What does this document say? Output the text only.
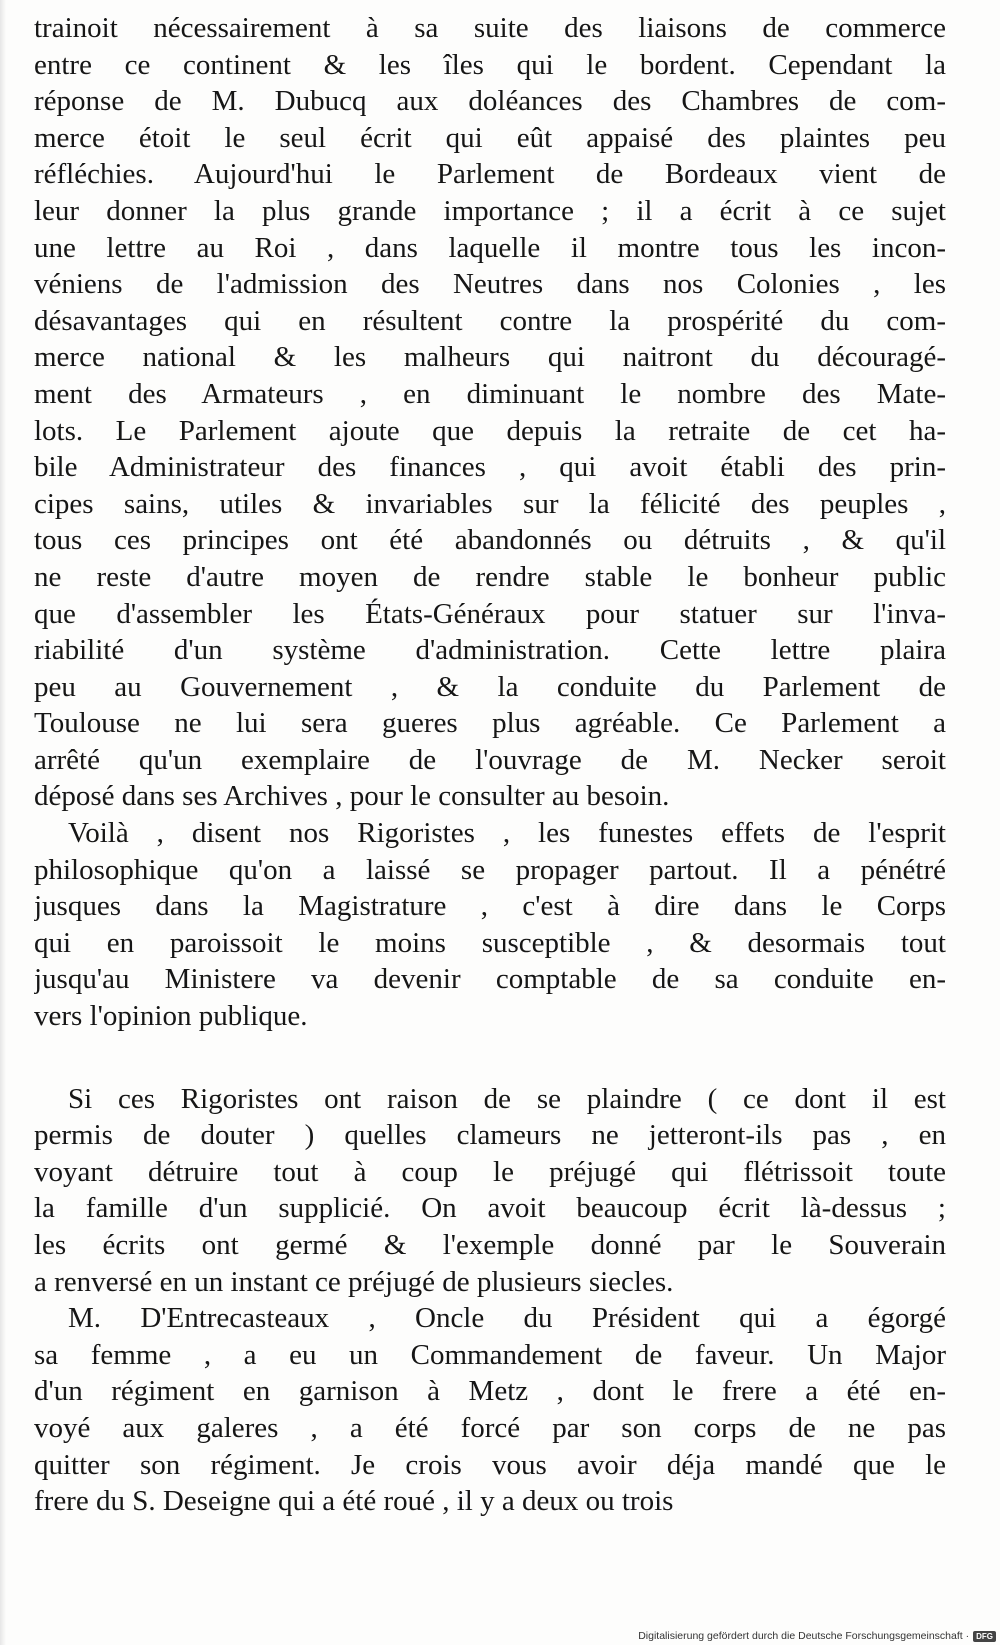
trainoit nécessairement à sa suite des liaisons de commerce
entre ce continent & les îles qui le bordent. Cependant la
réponse de M. Dubucq aux doléances des Chambres de com-
merce étoit le seul écrit qui eût appaisé des plaintes peu
réfléchies. Aujourd'hui le Parlement de Bordeaux vient de
leur donner la plus grande importance ; il a écrit à ce sujet
une lettre au Roi , dans laquelle il montre tous les incon-
véniens de l'admission des Neutres dans nos Colonies , les
désavantages qui en résultent contre la prospérité du com-
merce national & les malheurs qui naitront du découragé-
ment des Armateurs , en diminuant le nombre des Mate-
lots. Le Parlement ajoute que depuis la retraite de cet ha-
bile Administrateur des finances , qui avoit établi des prin-
cipes sains, utiles & invariables sur la félicité des peuples ,
tous ces principes ont été abandonnés ou détruits , & qu'il
ne reste d'autre moyen de rendre stable le bonheur public
que d'assembler les États-Généraux pour statuer sur l'inva-
riabilité d'un système d'administration. Cette lettre plaira
peu au Gouvernement , & la conduite du Parlement de
Toulouse ne lui sera gueres plus agréable. Ce Parlement a
arrêté qu'un exemplaire de l'ouvrage de M. Necker seroit
déposé dans ses Archives , pour le consulter au besoin.
Voilà , disent nos Rigoristes , les funestes effets de l'esprit
philosophique qu'on a laissé se propager partout. Il a pénétré
jusques dans la Magistrature , c'est à dire dans le Corps
qui en paroissoit le moins susceptible , & desormais tout
jusqu'au Ministere va devenir comptable de sa conduite en-
vers l'opinion publique.
Si ces Rigoristes ont raison de se plaindre ( ce dont il est
permis de douter ) quelles clameurs ne jetteront-ils pas , en
voyant détruire tout à coup le préjugé qui flétrissoit toute
la famille d'un supplicié. On avoit beaucoup écrit là-dessus ;
les écrits ont germé & l'exemple donné par le Souverain
a renversé en un instant ce préjugé de plusieurs siecles.
M. D'Entrecasteaux , Oncle du Président qui a égorgé
sa femme , a eu un Commandement de faveur. Un Major
d'un régiment en garnison à Metz , dont le frere a été en-
voyé aux galeres , a été forcé par son corps de ne pas
quitter son régiment. Je crois vous avoir déja mandé que le
frere du S. Deseigne qui a été roué , il y a deux ou trois
Digitalisierung gefördert durch die Deutsche Forschungsgemeinschaft · DFG
